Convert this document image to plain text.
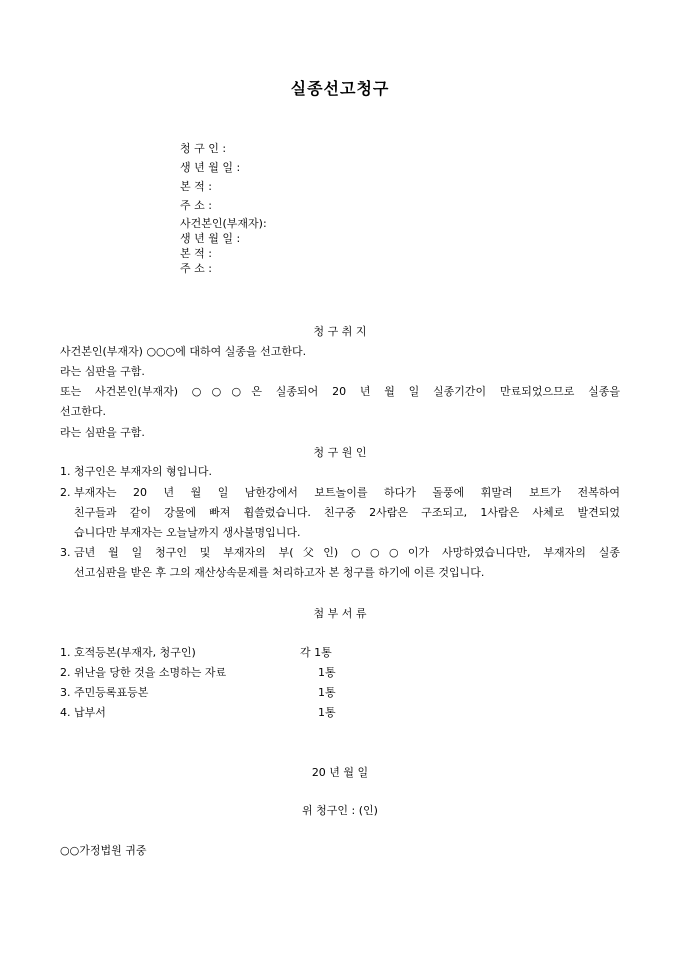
실종선고청구
청 구 인 :
생 년 월 일 :
본 적 :
주 소 :
사건본인(부재자):
생 년 월 일 :
본 적 :
주 소 :
청 구 취 지
사건본인(부재자) ○○○에 대하여 실종을 선고한다.
라는 심판을 구함.
또는 사건본인(부재자) ○○○은 실종되어 20 년 월 일 실종기간이 만료되었으므로 실종을
선고한다.
라는 심판을 구함.
청 구 원 인
1. 청구인은 부재자의 형입니다.
2. 부재자는 20 년 월 일 남한강에서 보트놀이를 하다가 돌풍에 휘말려 보트가 전복하여
친구들과 같이 강물에 빠져 휩쓸렸습니다. 친구중 2사람은 구조되고, 1사람은 사체로 발견되었
습니다만 부재자는 오늘날까지 생사불명입니다.
3. 금년 월 일 청구인 및 부재자의 부(父인) ○○○이가 사망하였습니다만, 부재자의 실종
선고심판을 받은 후 그의 재산상속문제를 처리하고자 본 청구를 하기에 이른 것입니다.
첨 부 서 류
1. 호적등본(부재자, 청구인)	각 1통
2. 위난을 당한 것을 소명하는 자료	1통
3. 주민등록표등본	1통
4. 납부서	1통
20 년 월 일
위 청구인 : (인)
○○가정법원 귀중
